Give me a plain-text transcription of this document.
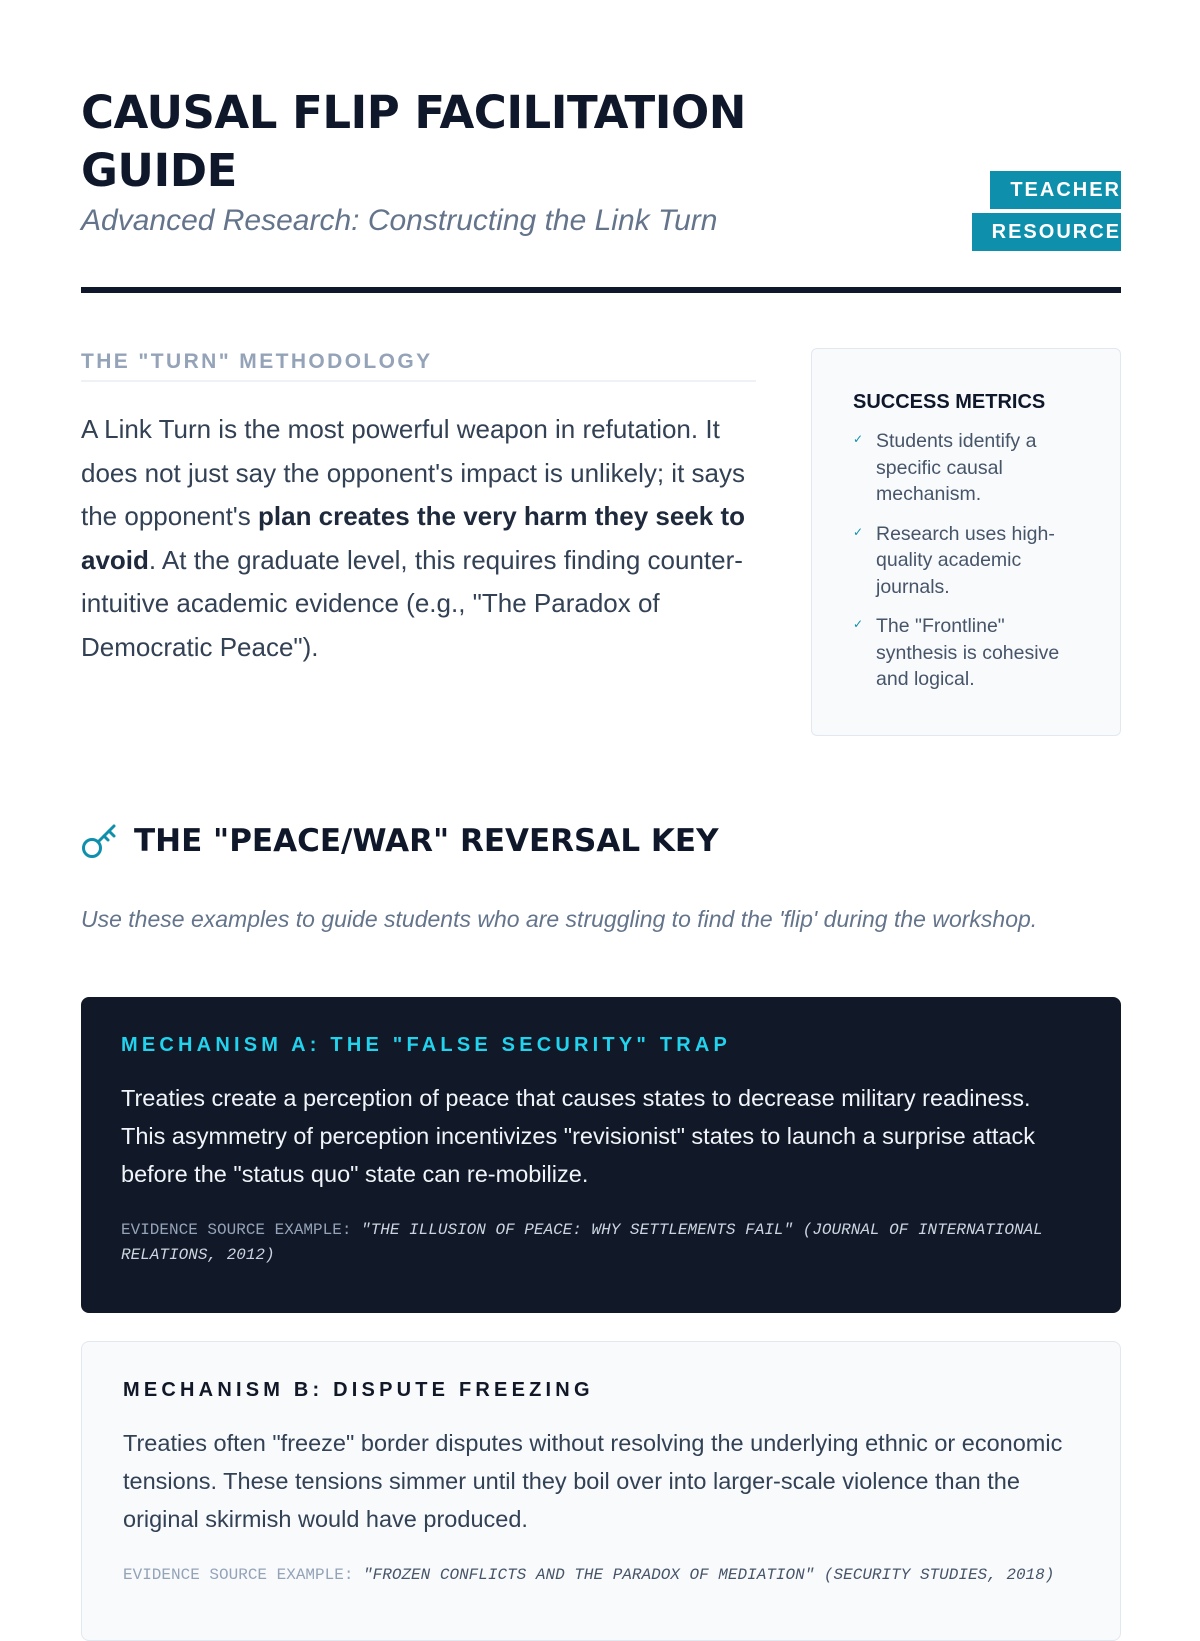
CAUSAL FLIP FACILITATION GUIDE
Advanced Research: Constructing the Link Turn
TEACHER RESOURCE
THE "TURN" METHODOLOGY

A Link Turn is the most powerful weapon in refutation. It does not just say the opponent's impact is unlikely; it says the opponent's plan creates the very harm they seek to avoid. At the graduate level, this requires finding counter-intuitive academic evidence (e.g., "The Paradox of Democratic Peace").

SUCCESS METRICS
✓ Students identify a specific causal mechanism.
✓ Research uses high-quality academic journals.
✓ The "Frontline" synthesis is cohesive and logical.
THE "PEACE/WAR" REVERSAL KEY

Use these examples to guide students who are struggling to find the 'flip' during the workshop.

MECHANISM A: THE "FALSE SECURITY" TRAP

Treaties create a perception of peace that causes states to decrease military readiness. This asymmetry of perception incentivizes "revisionist" states to launch a surprise attack before the "status quo" state can re-mobilize.

EVIDENCE SOURCE EXAMPLE: "THE ILLUSION OF PEACE: WHY SETTLEMENTS FAIL" (JOURNAL OF INTERNATIONAL RELATIONS, 2012)

MECHANISM B: DISPUTE FREEZING

Treaties often "freeze" border disputes without resolving the underlying ethnic or economic tensions. These tensions simmer until they boil over into larger-scale violence than the original skirmish would have produced.

EVIDENCE SOURCE EXAMPLE: "FROZEN CONFLICTS AND THE PARADOX OF MEDIATION" (SECURITY STUDIES, 2018)
